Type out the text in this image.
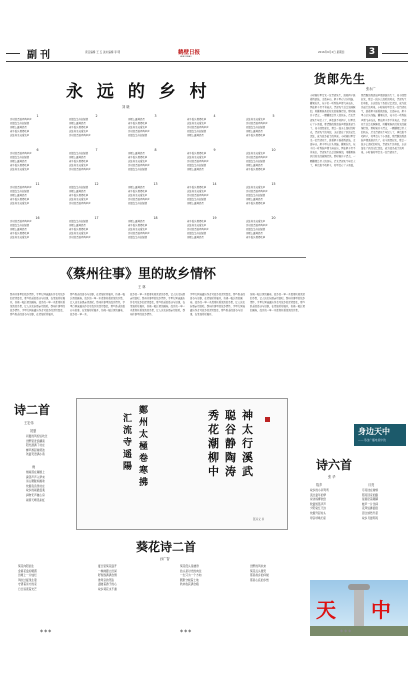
副刊	责任编辑 王 五 美术编辑 李 明	鹤壁日报
HEBI RIBAO
2016年6月2日 星期四	3
永 远 的 乡 村
刘 晓
1
乡村的清晨鸡鸣声声
炊烟袅袅升起屋顶
田埂上露珠晶莹
老牛低头慢慢吃草
远处传来孩童笑声
2
炊烟袅袅升起屋顶
田埂上露珠晶莹
老牛低头慢慢吃草
远处传来孩童笑声
乡村的清晨鸡鸣声声
3
田埂上露珠晶莹
老牛低头慢慢吃草
远处传来孩童笑声
乡村的清晨鸡鸣声声
炊烟袅袅升起屋顶
4
老牛低头慢慢吃草
远处传来孩童笑声
乡村的清晨鸡鸣声声
炊烟袅袅升起屋顶
田埂上露珠晶莹
5
远处传来孩童笑声
乡村的清晨鸡鸣声声
炊烟袅袅升起屋顶
田埂上露珠晶莹
老牛低头慢慢吃草
6
乡村的清晨鸡鸣声声
炊烟袅袅升起屋顶
田埂上露珠晶莹
老牛低头慢慢吃草
远处传来孩童笑声
7
炊烟袅袅升起屋顶
田埂上露珠晶莹
老牛低头慢慢吃草
远处传来孩童笑声
乡村的清晨鸡鸣声声
8
田埂上露珠晶莹
老牛低头慢慢吃草
远处传来孩童笑声
乡村的清晨鸡鸣声声
炊烟袅袅升起屋顶
9
老牛低头慢慢吃草
远处传来孩童笑声
乡村的清晨鸡鸣声声
炊烟袅袅升起屋顶
田埂上露珠晶莹
10
远处传来孩童笑声
乡村的清晨鸡鸣声声
炊烟袅袅升起屋顶
田埂上露珠晶莹
老牛低头慢慢吃草
11
乡村的清晨鸡鸣声声
炊烟袅袅升起屋顶
田埂上露珠晶莹
老牛低头慢慢吃草
远处传来孩童笑声
12
炊烟袅袅升起屋顶
田埂上露珠晶莹
老牛低头慢慢吃草
远处传来孩童笑声
乡村的清晨鸡鸣声声
13
田埂上露珠晶莹
老牛低头慢慢吃草
远处传来孩童笑声
乡村的清晨鸡鸣声声
炊烟袅袅升起屋顶
14
老牛低头慢慢吃草
远处传来孩童笑声
乡村的清晨鸡鸣声声
炊烟袅袅升起屋顶
田埂上露珠晶莹
15
远处传来孩童笑声
乡村的清晨鸡鸣声声
炊烟袅袅升起屋顶
田埂上露珠晶莹
老牛低头慢慢吃草
16
乡村的清晨鸡鸣声声
炊烟袅袅升起屋顶
田埂上露珠晶莹
老牛低头慢慢吃草
远处传来孩童笑声
17
炊烟袅袅升起屋顶
田埂上露珠晶莹
老牛低头慢慢吃草
远处传来孩童笑声
乡村的清晨鸡鸣声声
18
田埂上露珠晶莹
老牛低头慢慢吃草
远处传来孩童笑声
乡村的清晨鸡鸣声声
炊烟袅袅升起屋顶
19
老牛低头慢慢吃草
远处传来孩童笑声
乡村的清晨鸡鸣声声
炊烟袅袅升起屋顶
田埂上露珠晶莹
20
远处传来孩童笑声
乡村的清晨鸡鸣声声
炊烟袅袅升起屋顶
田埂上露珠晶莹
老牛低头慢慢吃草
《蔡州往事》里的故乡情怀
王 林
蔡州往事里的故乡情怀，字里行间流露出作者对故乡的深切眷恋，那些熟悉的街巷与旧事，在笔端缓缓展开，仿佛一幅泛黄的画卷。故乡的一草一木都寄托着浓浓的乡愁，让人读来倍感亲切温暖。蔡州往事里的故乡情怀，字里行间流露出作者对故乡的深切眷恋，那些熟悉的街巷与旧事，在笔端缓缓展开。
那些熟悉的街巷与旧事，在笔端缓缓展开，仿佛一幅泛黄的画卷。故乡的一草一木都寄托着浓浓的乡愁，让人读来倍感亲切温暖。蔡州往事里的故乡情怀，字里行间流露出作者对故乡的深切眷恋，那些熟悉的街巷与旧事，在笔端缓缓展开，仿佛一幅泛黄的画卷，故乡的一草一木。
故乡的一草一木都寄托着浓浓的乡愁，让人读来倍感亲切温暖。蔡州往事里的故乡情怀，字里行间流露出作者对故乡的深切眷恋，那些熟悉的街巷与旧事，在笔端缓缓展开，仿佛一幅泛黄的画卷。故乡的一草一木都寄托着浓浓的乡愁，让人读来倍感亲切温暖，蔡州往事里的故乡情怀。
字里行间流露出作者对故乡的深切眷恋，那些熟悉的街巷与旧事，在笔端缓缓展开，仿佛一幅泛黄的画卷。故乡的一草一木都寄托着浓浓的乡愁，让人读来倍感亲切温暖。蔡州往事里的故乡情怀，字里行间流露出作者对故乡的深切眷恋，那些熟悉的街巷与旧事，在笔端缓缓展开。
仿佛一幅泛黄的画卷。故乡的一草一木都寄托着浓浓的乡愁，让人读来倍感亲切温暖。蔡州往事里的故乡情怀，字里行间流露出作者对故乡的深切眷恋，那些熟悉的街巷与旧事，在笔端缓缓展开，仿佛一幅泛黄的画卷，故乡的一草一木都寄托着浓浓的乡愁。
诗二首
王宏伟
初夏
初夏的风轻轻吹过
田野里麦浪翻滚
阳光洒满了村庄
蝉声渐起树荫浓
孩童笑语满小巷
雨
细雨落在屋檐上
滴答声声入梦来
远山朦胧如画卷
炊烟袅袅绕村庄
故乡的雨最温柔
润物无声暖心房
雨停天晴见彩虹
神 太 行 溪 武
聪 谷 静 陶 涛
秀 花 潮 柳 中
鄭 州 太 極 卷 寒 拂
汇 流 寺 遥 陽
张兴义 书
葵花诗二首
孙广智
葵花向阳而生
金黄花盘迎朝霞
田埂上一片灿烂
风吹过摇曳生姿
守望着远方的家
日日追逐着光芒
夏日里葵花盛开
一株株挺立田间
籽粒饱满满含情
像母亲的笑脸
温暖着游子的心
故乡葵花永不谢
葵花低头是谦逊
抬头是对光的向往
一生只为一个方向
默默守候着土地
秋来收获满仓粮
田野的风吹来
葵花点头微笑
那是故乡的问候
那是心底的乡愁
货郎先生
张永广
小时候村里常来一位货郎先生，挑着担子摇着拨浪鼓，走街串巷。担子里有针头线脑、糖果玩具，孩子们一听到鼓声便飞奔而出，围在担子旁不肯离去。货郎先生总是笑眯眯的，用糖果换我们捡来的破铜烂铁。那时候日子清苦，一颗糖便是莫大的快乐。后来货郎先生年纪大了，再也挑不动担子，村里也有了小卖部，那清脆的拨浪鼓声便渐渐消失了。如今回想起来，那是一段多么温暖的时光，货郎先生的身影，永远留在了我的记忆深处，成为故乡最美的风景。小时候村里常来一位货郎先生，挑着担子摇着拨浪鼓，走街串巷。担子里有针头线脑、糖果玩具，孩子们一听到鼓声便飞奔而出，围在担子旁不肯离去。货郎先生总是笑眯眯的，用糖果换我们捡来的破铜烂铁。那时候日子清苦，一颗糖便是莫大的快乐。后来货郎先生年纪大了，再也挑不动担子，村里也有了小卖部。
那清脆的拨浪鼓声便渐渐消失了。如今回想起来，那是一段多么温暖的时光，货郎先生的身影，永远留在了我的记忆深处，成为故乡最美的风景。小时候村里常来一位货郎先生，挑着担子摇着拨浪鼓，走街串巷。担子里有针头线脑、糖果玩具，孩子们一听到鼓声便飞奔而出，围在担子旁不肯离去。货郎先生总是笑眯眯的，用糖果换我们捡来的破铜烂铁。那时候日子清苦，一颗糖便是莫大的快乐。后来货郎先生年纪大了，再也挑不动担子，村里也有了小卖部，那清脆的拨浪鼓声便渐渐消失了。如今回想起来，那是一段多么温暖的时光，货郎先生的身影，永远留在了我的记忆深处，成为故乡最美的风景。小时候村里常来一位货郎先生。
身边天中
——寻找广播电视中的
诗六首
张 华
故乡
故乡的小河弯弯
流过童年的梦
岸边杨柳依依
牧童短笛声声
夕阳染红天边
炊烟升起村头
母亲呼唤归家
月亮
月亮挂在树梢
照亮回家的路
星星眨着眼睛
蛙声一片田间
夜风轻拂面庞
思念悄然升起
故乡月最明亮
天 中
◆◆◆	◆◆◆	◆◆◆
